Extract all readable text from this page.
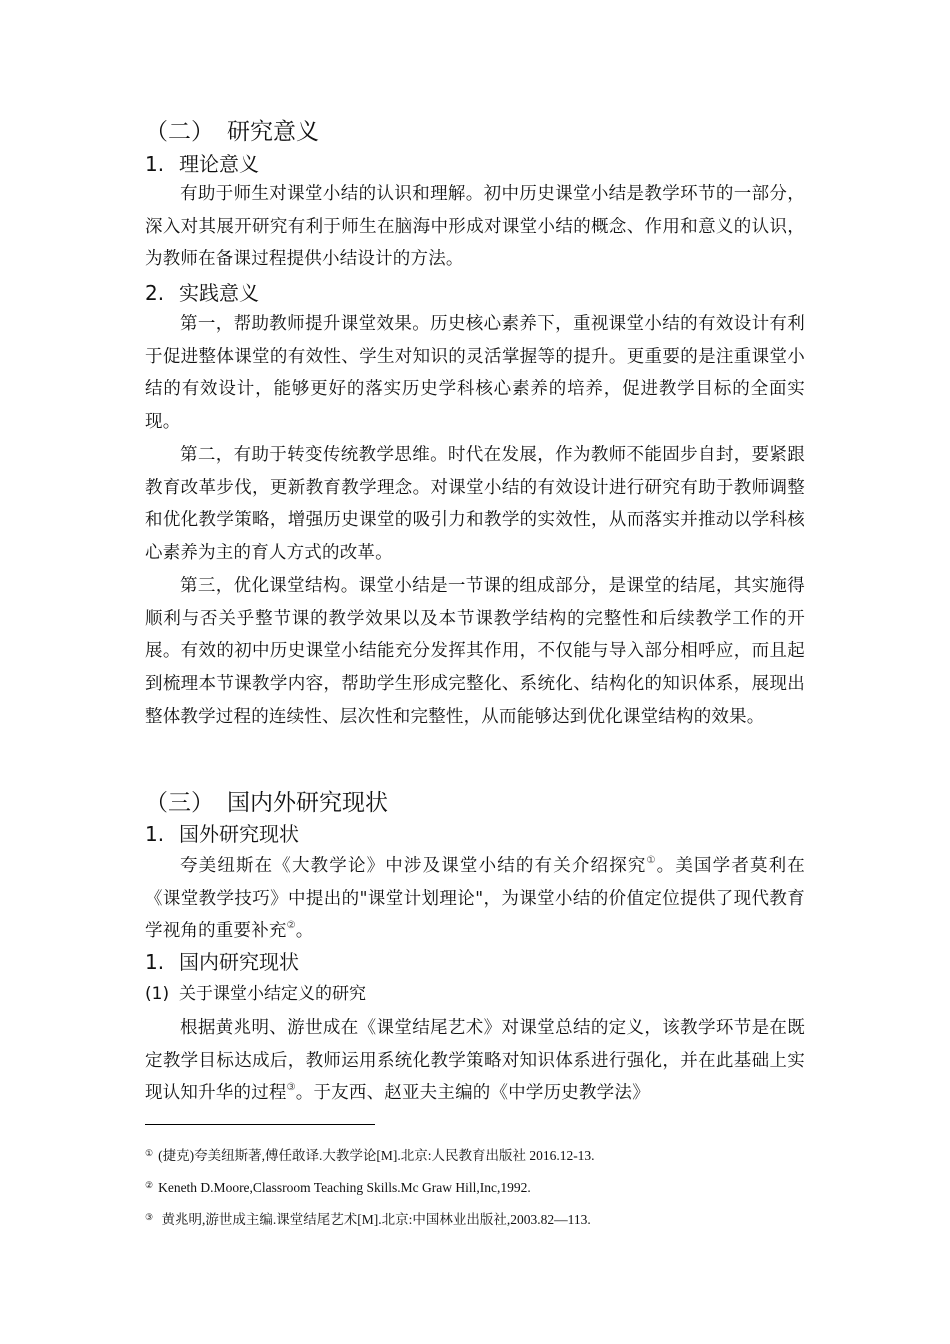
（二） 研究意义
1. 理论意义

有助于师生对课堂小结的认识和理解。初中历史课堂小结是教学环节的一部分，深入对其展开研究有利于师生在脑海中形成对课堂小结的概念、作用和意义的认识，为教师在备课过程提供小结设计的方法。

2. 实践意义

第一，帮助教师提升课堂效果。历史核心素养下，重视课堂小结的有效设计有利于促进整体课堂的有效性、学生对知识的灵活掌握等的提升。更重要的是注重课堂小结的有效设计，能够更好的落实历史学科核心素养的培养，促进教学目标的全面实现。

第二，有助于转变传统教学思维。时代在发展，作为教师不能固步自封，要紧跟教育改革步伐，更新教育教学理念。对课堂小结的有效设计进行研究有助于教师调整和优化教学策略，增强历史课堂的吸引力和教学的实效性，从而落实并推动以学科核心素养为主的育人方式的改革。

第三，优化课堂结构。课堂小结是一节课的组成部分，是课堂的结尾，其实施得顺利与否关乎整节课的教学效果以及本节课教学结构的完整性和后续教学工作的开展。有效的初中历史课堂小结能充分发挥其作用，不仅能与导入部分相呼应，而且起到梳理本节课教学内容，帮助学生形成完整化、系统化、结构化的知识体系，展现出整体教学过程的连续性、层次性和完整性，从而能够达到优化课堂结构的效果。

（三） 国内外研究现状
1. 国外研究现状

夸美纽斯在《大教学论》中涉及课堂小结的有关介绍探究①。美国学者莫利在《课堂教学技巧》中提出的"课堂计划理论"，为课堂小结的价值定位提供了现代教育学视角的重要补充②。

1. 国内研究现状
(1) 关于课堂小结定义的研究

根据黄兆明、游世成在《课堂结尾艺术》对课堂总结的定义，该教学环节是在既定教学目标达成后，教师运用系统化教学策略对知识体系进行强化，并在此基础上实现认知升华的过程③。于友西、赵亚夫主编的《中学历史教学法》

① (捷克)夸美纽斯著,傅任敢译.大教学论[M].北京:人民教育出版社 2016.12-13.
② Keneth D.Moore,Classroom Teaching Skills.Mc Graw Hill,Inc,1992.
③ 黄兆明,游世成主编.课堂结尾艺术[M].北京:中国林业出版社,2003.82—113.
